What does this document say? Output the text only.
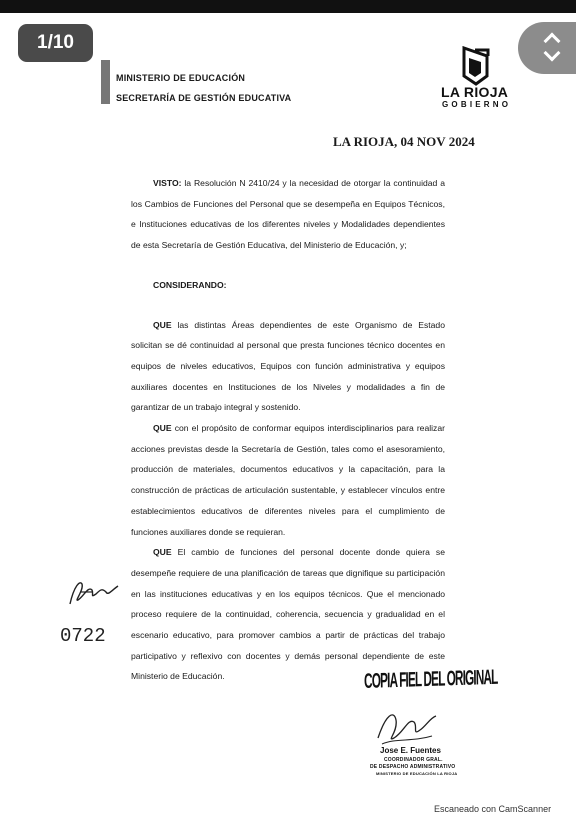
1/10
MINISTERIO DE EDUCACIÓN
SECRETARÍA DE GESTIÓN EDUCATIVA	LA RIOJA
GOBIERNO
LA RIOJA, 04 NOV 2024

VISTO: la Resolución N 2410/24 y la necesidad de otorgar la continuidad a los Cambios de Funciones del Personal que se desempeña en Equipos Técnicos, e Instituciones educativas de los diferentes niveles y Modalidades dependientes de esta Secretaría de Gestión Educativa, del Ministerio de Educación, y;

CONSIDERANDO:

QUE las distintas Áreas dependientes de este Organismo de Estado solicitan se dé continuidad al personal que presta funciones técnico docentes en equipos de niveles educativos, Equipos con función administrativa y equipos auxiliares docentes en Instituciones de los Niveles y modalidades a fin de garantizar de un trabajo integral y sostenido.

QUE con el propósito de conformar equipos interdisciplinarios para realizar acciones previstas desde la Secretaría de Gestión, tales como el asesoramiento, producción de materiales, documentos educativos y la capacitación, para la construcción de prácticas de articulación sustentable, y establecer vínculos entre establecimientos educativos de diferentes niveles para el cumplimiento de funciones auxiliares donde se requieran.

QUE El cambio de funciones del personal docente donde quiera se desempeñe requiere de una planificación de tareas que dignifique su participación en las instituciones educativas y en los equipos técnicos. Que el mencionado proceso requiere de la continuidad, coherencia, secuencia y gradualidad en el escenario educativo, para promover cambios a partir de prácticas del trabajo participativo y reflexivo con docentes y demás personal dependiente de este Ministerio de Educación.

0722
COPIA FIEL DEL ORIGINAL
Jose E. Fuentes
COORDINADOR GRAL.
DE DESPACHO ADMINISTRATIVO
MINISTERIO DE EDUCACIÓN LA RIOJA
Escaneado con CamScanner
